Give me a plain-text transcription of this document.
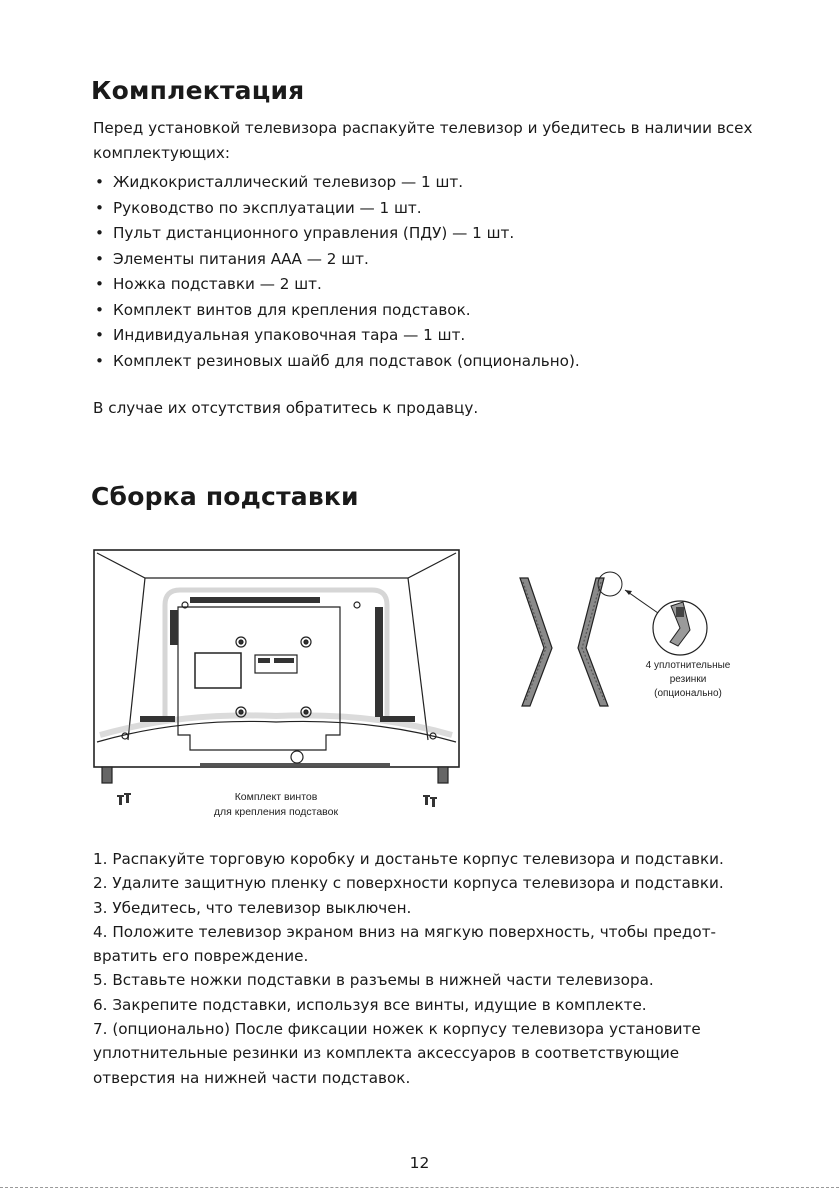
Комплектация

Перед установкой телевизора распакуйте телевизор и убедитесь в наличии всех комплектующих:

• Жидкокристаллический телевизор — 1 шт.
• Руководство по эксплуатации — 1 шт.
• Пульт дистанционного управления (ПДУ) — 1 шт.
• Элементы питания ААА — 2 шт.
• Ножка подставки — 2 шт.
• Комплект винтов для крепления подставок.
• Индивидуальная упаковочная тара — 1 шт.
• Комплект резиновых шайб для подставок (опционально).

В случае их отсутствия обратитесь к продавцу.

Сборка подставки
Комплект винтов
для крепления подставок
4 уплотнительные
резинки
(опционально)
1. Распакуйте торговую коробку и достаньте корпус телевизора и подставки.
2. Удалите защитную пленку с поверхности корпуса телевизора и подставки.
3. Убедитесь, что телевизор выключен.
4. Положите телевизор экраном вниз на мягкую поверхность, чтобы предот-вратить его повреждение.
5. Вставьте ножки подставки в разъемы в нижней части телевизора.
6. Закрепите подставки, используя все винты, идущие в комплекте.
7. (опционально) После фиксации ножек к корпусу телевизора установите уплотнительные резинки из комплекта аксессуаров в соответствующие отверстия на нижней части подставок.
12
